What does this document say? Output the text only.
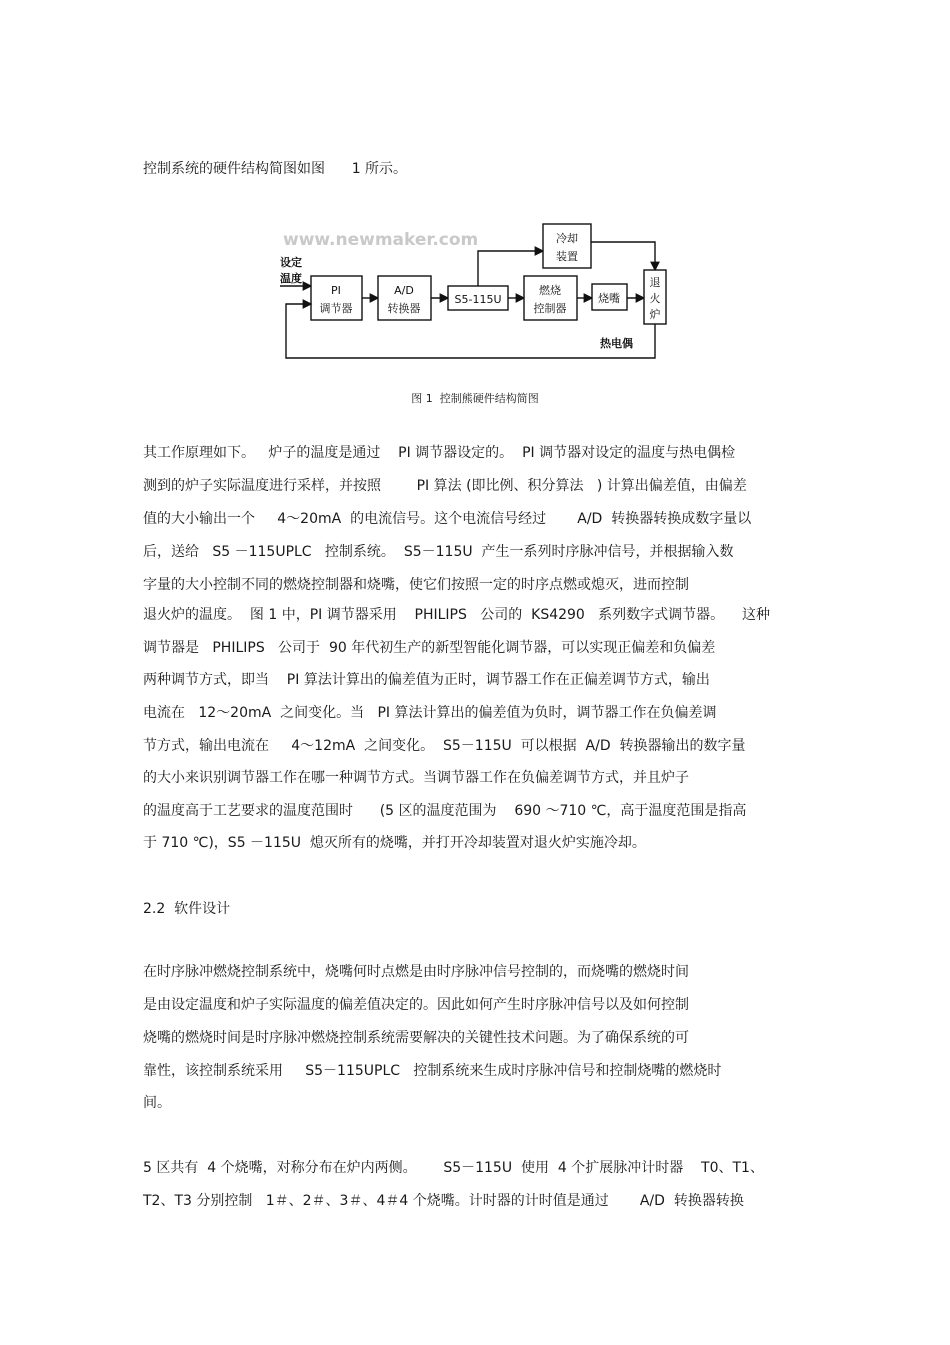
控制系统的硬件结构简图如图      1 所示。
www.newmaker.com
设定
温度
PI
调节器
A/D
转换器
S5-115U
燃烧
控制器
烧嘴
冷却
装置
退
火
炉
热电偶
图 1  控制熊硬件结构简图
其工作原理如下。   炉子的温度是通过    PI 调节器设定的。  PI 调节器对设定的温度与热电偶检
测到的炉子实际温度进行采样，并按照        PI 算法 (即比例、积分算法   ) 计算出偏差值，由偏差
值的大小输出一个     4～20mA  的电流信号。这个电流信号经过       A/D  转换器转换成数字量以
后，送给   S5 －115UPLC   控制系统。  S5－115U  产生一系列时序脉冲信号，并根据输入数
字量的大小控制不同的燃烧控制器和烧嘴，使它们按照一定的时序点燃或熄灭，进而控制
退火炉的温度。  图 1 中，PI 调节器采用    PHILIPS   公司的  KS4290   系列数字式调节器。    这种
调节器是   PHILIPS   公司于  90 年代初生产的新型智能化调节器，可以实现正偏差和负偏差
两种调节方式，即当    PI 算法计算出的偏差值为正时，调节器工作在正偏差调节方式，输出
电流在   12～20mA  之间变化。当   PI 算法计算出的偏差值为负时，调节器工作在负偏差调
节方式，输出电流在     4～12mA  之间变化。  S5－115U  可以根据  A/D  转换器输出的数字量
的大小来识别调节器工作在哪一种调节方式。当调节器工作在负偏差调节方式，并且炉子
的温度高于工艺要求的温度范围时      (5 区的温度范围为    690 ～710 ℃，高于温度范围是指高
于 710 ℃)，S5 －115U  熄灭所有的烧嘴，并打开冷却装置对退火炉实施冷却。
2.2  软件设计
在时序脉冲燃烧控制系统中，烧嘴何时点燃是由时序脉冲信号控制的，而烧嘴的燃烧时间
是由设定温度和炉子实际温度的偏差值决定的。因此如何产生时序脉冲信号以及如何控制
烧嘴的燃烧时间是时序脉冲燃烧控制系统需要解决的关键性技术问题。为了确保系统的可
靠性，该控制系统采用     S5－115UPLC   控制系统来生成时序脉冲信号和控制烧嘴的燃烧时
间。
5 区共有  4 个烧嘴，对称分布在炉内两侧。      S5－115U  使用  4 个扩展脉冲计时器    T0、T1、
T2、T3 分别控制   1＃、2＃、3＃、4＃4 个烧嘴。计时器的计时值是通过       A/D  转换器转换
